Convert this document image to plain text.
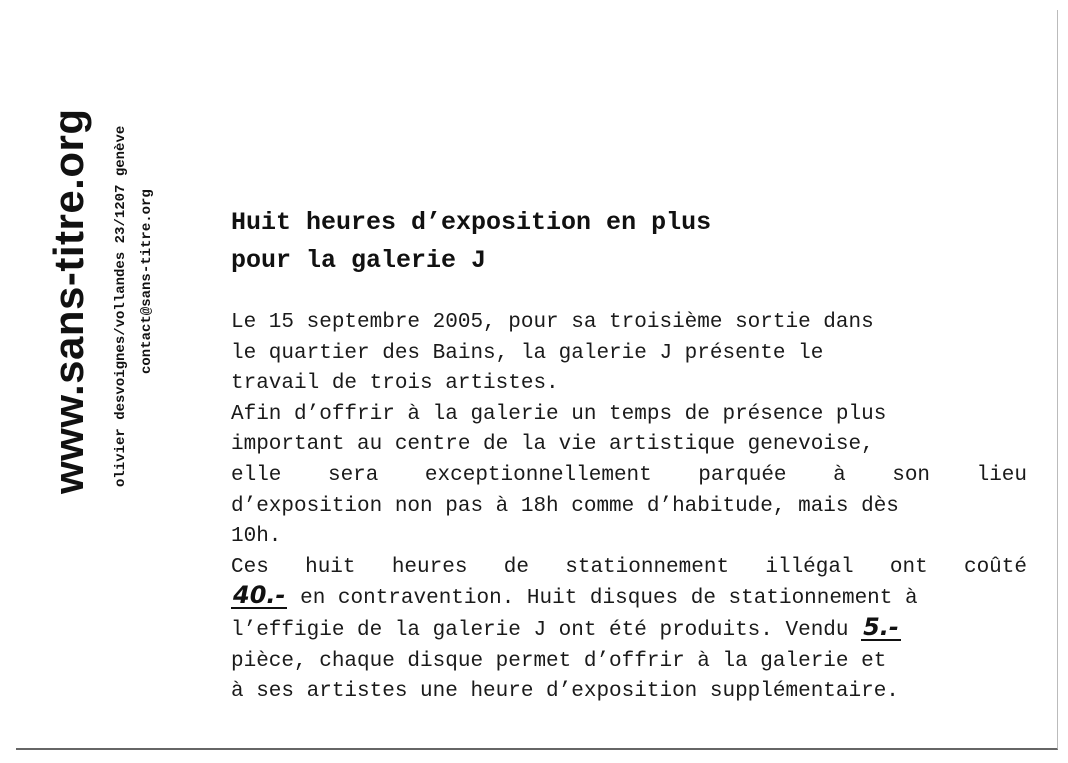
www.sans-titre.org olivier desvoignes/vollandes 23/1207 genève contact@sans-titre.org	Huit heures d’exposition en plus
pour la galerie J
Le 15 septembre 2005, pour sa troisième sortie dans
le quartier des Bains, la galerie J présente le
travail de trois artistes.
Afin d’offrir à la galerie un temps de présence plus
important au centre de la vie artistique genevoise,
elle sera exceptionnellement parquée à son lieu
d’exposition non pas à 18h comme d’habitude, mais dès
10h.
Ces huit heures de stationnement illégal ont coûté
40.- en contravention. Huit disques de stationnement à
l’effigie de la galerie J ont été produits. Vendu 5.-
pièce, chaque disque permet d’offrir à la galerie et
à ses artistes une heure d’exposition supplémentaire.
